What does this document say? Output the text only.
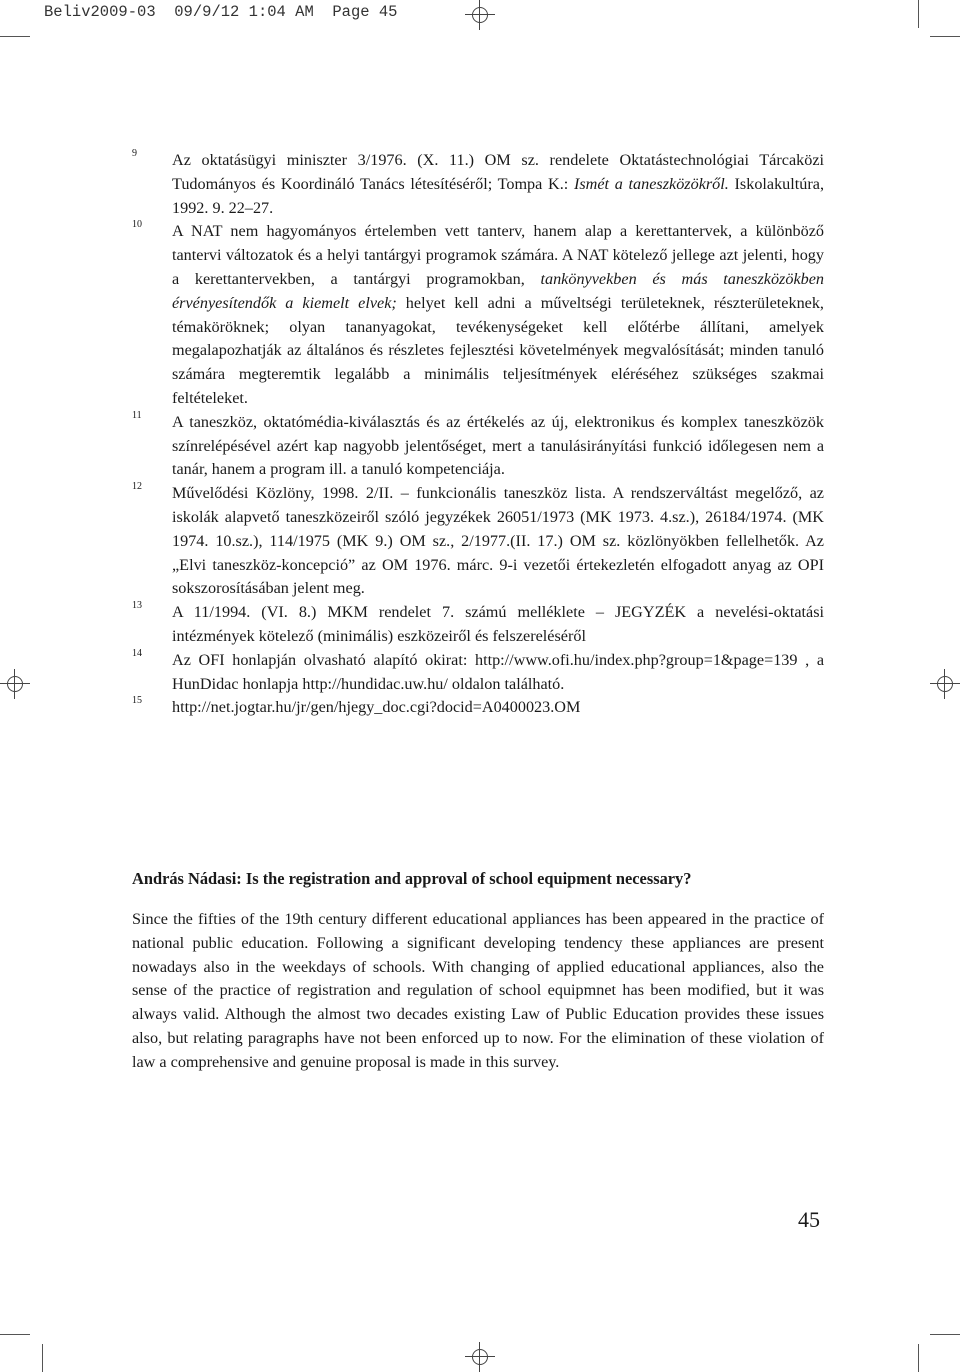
Beliv2009-03 09/9/12 1:04 AM Page 45
9 Az oktatásügyi miniszter 3/1976. (X. 11.) OM sz. rendelete Oktatástechnológiai Tárcaközi Tudományos és Koordináló Tanács létesítéséről; Tompa K.: Ismét a taneszközökről. Iskolakultúra, 1992. 9. 22–27.
10 A NAT nem hagyományos értelemben vett tanterv, hanem alap a kerettantervek, a különböző tantervi változatok és a helyi tantárgyi programok számára. A NAT kötelező jellege azt jelenti, hogy a kerettantervekben, a tantárgyi programokban, tankönyvekben és más taneszközökben érvényesítendők a kiemelt elvek; helyet kell adni a műveltségi területeknek, részterületeknek, témaköröknek; olyan tananyagokat, tevékenységeket kell előtérbe állítani, amelyek megalapozhatják az általános és részletes fejlesztési követelmények megvalósítását; minden tanuló számára megteremtik legalább a minimális teljesítmények eléréséhez szükséges szakmai feltételeket.
11 A taneszköz, oktatómédia-kiválasztás és az értékelés az új, elektronikus és komplex taneszközök színrelépésével azért kap nagyobb jelentőséget, mert a tanulásirányítási funkció időlegesen nem a tanár, hanem a program ill. a tanuló kompetenciája.
12 Művelődési Közlöny, 1998. 2/II. – funkcionális taneszköz lista. A rendszerváltást megelőző, az iskolák alapvető taneszközeiről szóló jegyzékek 26051/1973 (MK 1973. 4.sz.), 26184/1974. (MK 1974. 10.sz.), 114/1975 (MK 9.) OM sz., 2/1977.(II. 17.) OM sz. közlönyökben fellelhetők. Az „Elvi taneszköz-koncepció” az OM 1976. márc. 9-i vezetői értekezletén elfogadott anyag az OPI sokszorosításában jelent meg.
13 A 11/1994. (VI. 8.) MKM rendelet 7. számú melléklete – JEGYZÉK a nevelési-oktatási intézmények kötelező (minimális) eszközeiről és felszereléséről
14 Az OFI honlapján olvasható alapító okirat: http://www.ofi.hu/index.php?group=1&page=139 , a HunDidac honlapja http://hundidac.uw.hu/ oldalon található.
15 http://net.jogtar.hu/jr/gen/hjegy_doc.cgi?docid=A0400023.OM
András Nádasi: Is the registration and approval of school equipment necessary?

Since the fifties of the 19th century different educational appliances has been appeared in the practice of national public education. Following a significant developing tendency these appliances are present nowadays also in the weekdays of schools. With changing of applied educational appliances, also the sense of the practice of registration and regulation of school equipmnet has been modified, but it was always valid. Although the almost two decades existing Law of Public Education provides these issues also, but relating paragraphs have not been enforced up to now. For the elimination of these violation of law a comprehensive and genuine proposal is made in this survey.

45
